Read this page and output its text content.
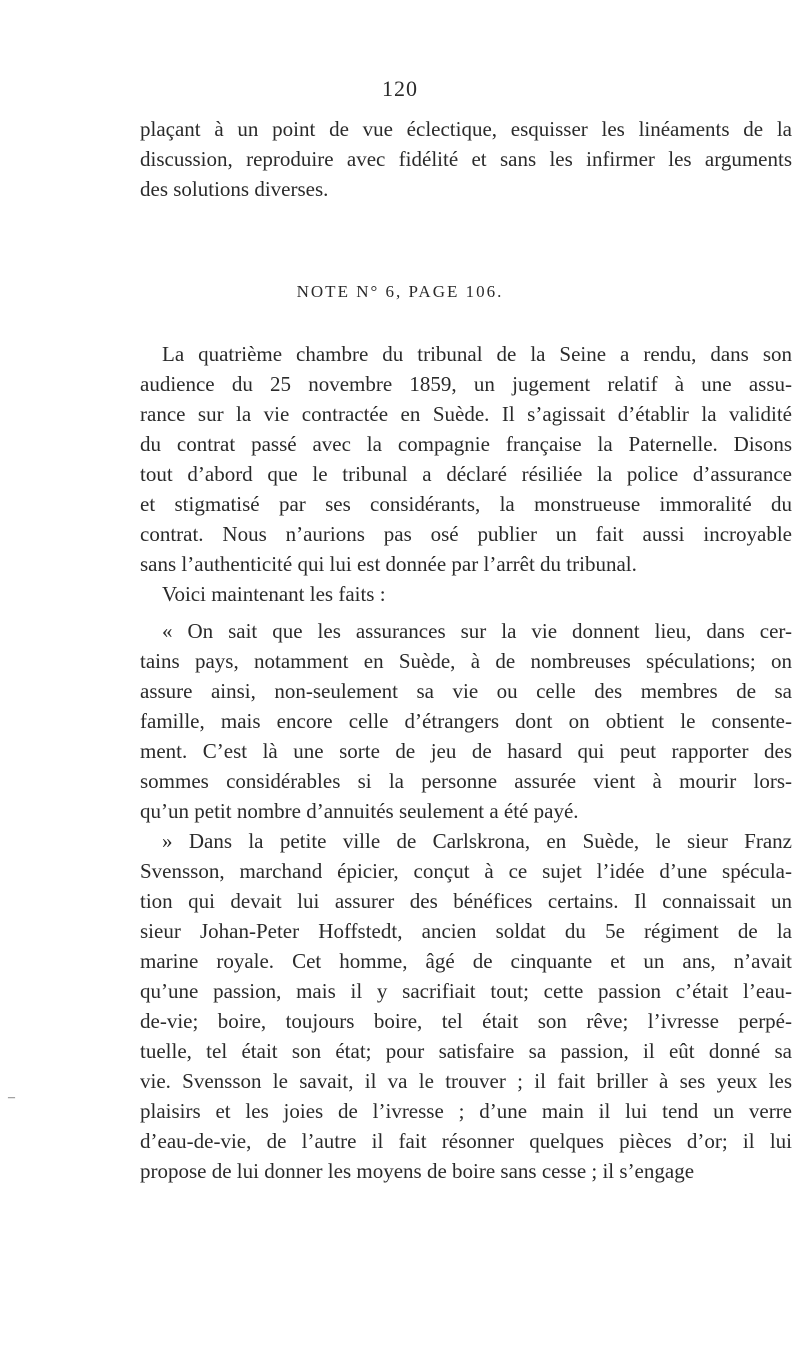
120
plaçant à un point de vue éclectique, esquisser les linéaments de la
discussion, reproduire avec fidélité et sans les infirmer les arguments
des solutions diverses.
NOTE N° 6, PAGE 106.
La quatrième chambre du tribunal de la Seine a rendu, dans son
audience du 25 novembre 1859, un jugement relatif à une assu-
rance sur la vie contractée en Suède. Il s’agissait d’établir la validité
du contrat passé avec la compagnie française la Paternelle. Disons
tout d’abord que le tribunal a déclaré résiliée la police d’assurance
et stigmatisé par ses considérants, la monstrueuse immoralité du
contrat. Nous n’aurions pas osé publier un fait aussi incroyable
sans l’authenticité qui lui est donnée par l’arrêt du tribunal.
Voici maintenant les faits :
« On sait que les assurances sur la vie donnent lieu, dans cer-
tains pays, notamment en Suède, à de nombreuses spéculations; on
assure ainsi, non-seulement sa vie ou celle des membres de sa
famille, mais encore celle d’étrangers dont on obtient le consente-
ment. C’est là une sorte de jeu de hasard qui peut rapporter des
sommes considérables si la personne assurée vient à mourir lors-
qu’un petit nombre d’annuités seulement a été payé.
» Dans la petite ville de Carlskrona, en Suède, le sieur Franz
Svensson, marchand épicier, conçut à ce sujet l’idée d’une spécula-
tion qui devait lui assurer des bénéfices certains. Il connaissait un
sieur Johan-Peter Hoffstedt, ancien soldat du 5e régiment de la
marine royale. Cet homme, âgé de cinquante et un ans, n’avait
qu’une passion, mais il y sacrifiait tout; cette passion c’était l’eau-
de-vie; boire, toujours boire, tel était son rêve; l’ivresse perpé-
tuelle, tel était son état; pour satisfaire sa passion, il eût donné sa
vie. Svensson le savait, il va le trouver ; il fait briller à ses yeux les
plaisirs et les joies de l’ivresse ; d’une main il lui tend un verre
d’eau-de-vie, de l’autre il fait résonner quelques pièces d’or; il lui
propose de lui donner les moyens de boire sans cesse ; il s’engage
–
